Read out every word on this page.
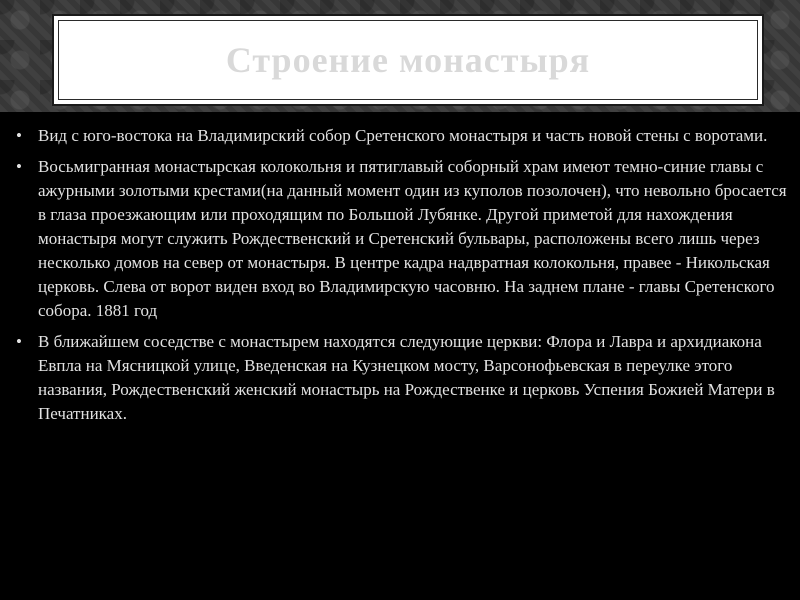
Строение монастыря
• Вид с юго-востока на Владимирский собор Сретенского монастыря и часть новой стены с воротами.
• Восьмигранная монастырская колокольня и пятиглавый соборный храм имеют темно-синие главы с ажурными золотыми крестами(на данный момент один из куполов позолочен), что невольно бросается в глаза проезжающим или проходящим по Большой Лубянке. Другой приметой для нахождения монастыря могут служить Рождественский и Сретенский бульвары, расположены всего лишь через несколько домов на север от монастыря. В центре кадра надвратная колокольня, правее - Никольская церковь. Слева от ворот виден вход во Владимирскую часовню. На заднем плане - главы Сретенского собора. 1881 год
• В ближайшем соседстве с монастырем находятся следующие церкви: Флора и Лавра и архидиакона Евпла на Мясницкой улице, Введенская на Кузнецком мосту, Варсонофьевская в переулке этого названия, Рождественский женский монастырь на Рождественке и церковь Успения Божией Матери в Печатниках.
